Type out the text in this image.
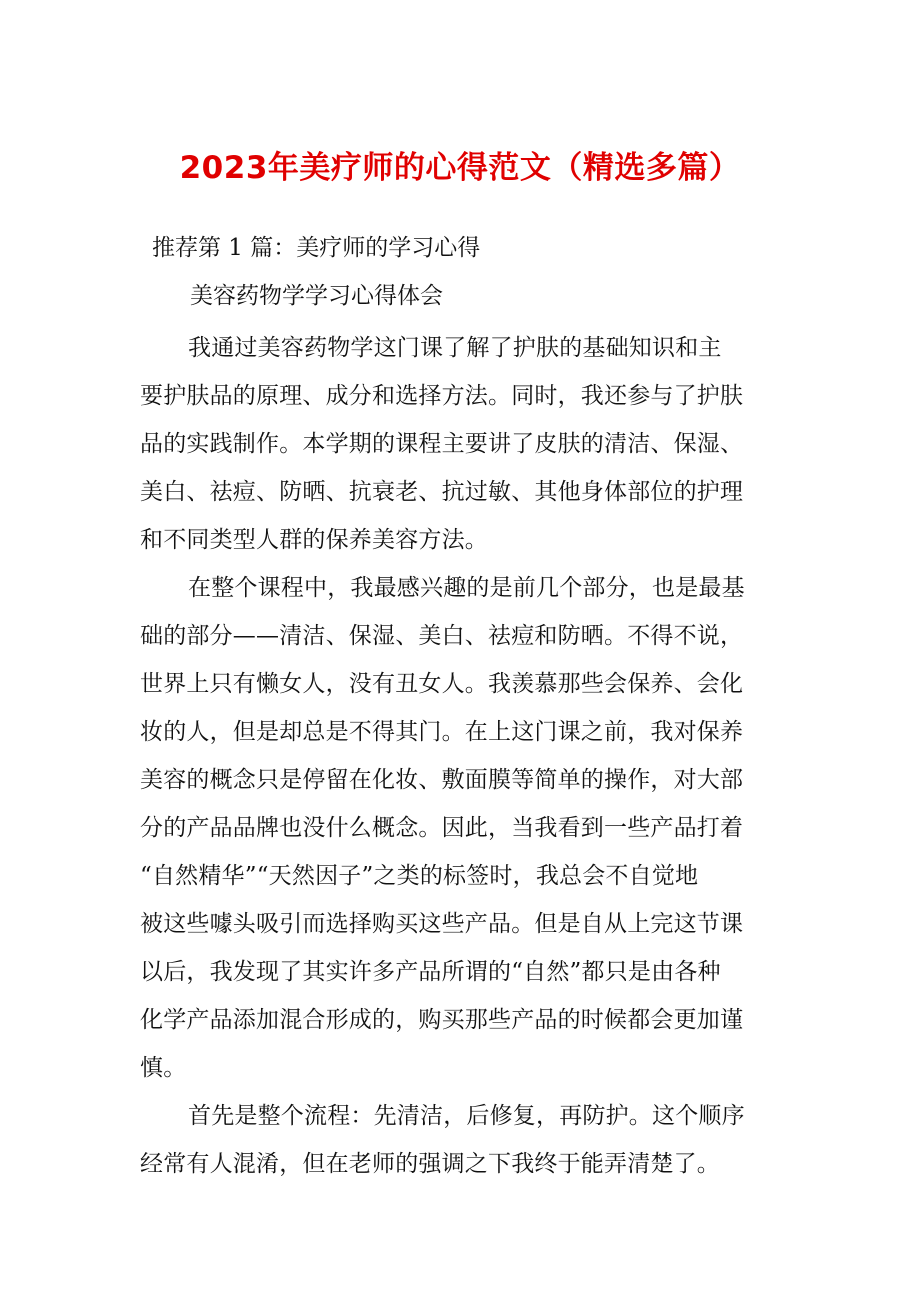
2023年美疗师的心得范文（精选多篇）
推荐第 1 篇：美疗师的学习心得
美容药物学学习心得体会
我通过美容药物学这门课了解了护肤的基础知识和主
要护肤品的原理、成分和选择方法。同时，我还参与了护肤
品的实践制作。本学期的课程主要讲了皮肤的清洁、保湿、
美白、祛痘、防晒、抗衰老、抗过敏、其他身体部位的护理
和不同类型人群的保养美容方法。
在整个课程中，我最感兴趣的是前几个部分，也是最基
础的部分——清洁、保湿、美白、祛痘和防晒。不得不说，
世界上只有懒女人，没有丑女人。我羡慕那些会保养、会化
妆的人，但是却总是不得其门。在上这门课之前，我对保养
美容的概念只是停留在化妆、敷面膜等简单的操作，对大部
分的产品品牌也没什么概念。因此，当我看到一些产品打着
“自然精华”“天然因子”之类的标签时，我总会不自觉地
被这些噱头吸引而选择购买这些产品。但是自从上完这节课
以后，我发现了其实许多产品所谓的“自然”都只是由各种
化学产品添加混合形成的，购买那些产品的时候都会更加谨
慎。
首先是整个流程：先清洁，后修复，再防护。这个顺序
经常有人混淆，但在老师的强调之下我终于能弄清楚了。
